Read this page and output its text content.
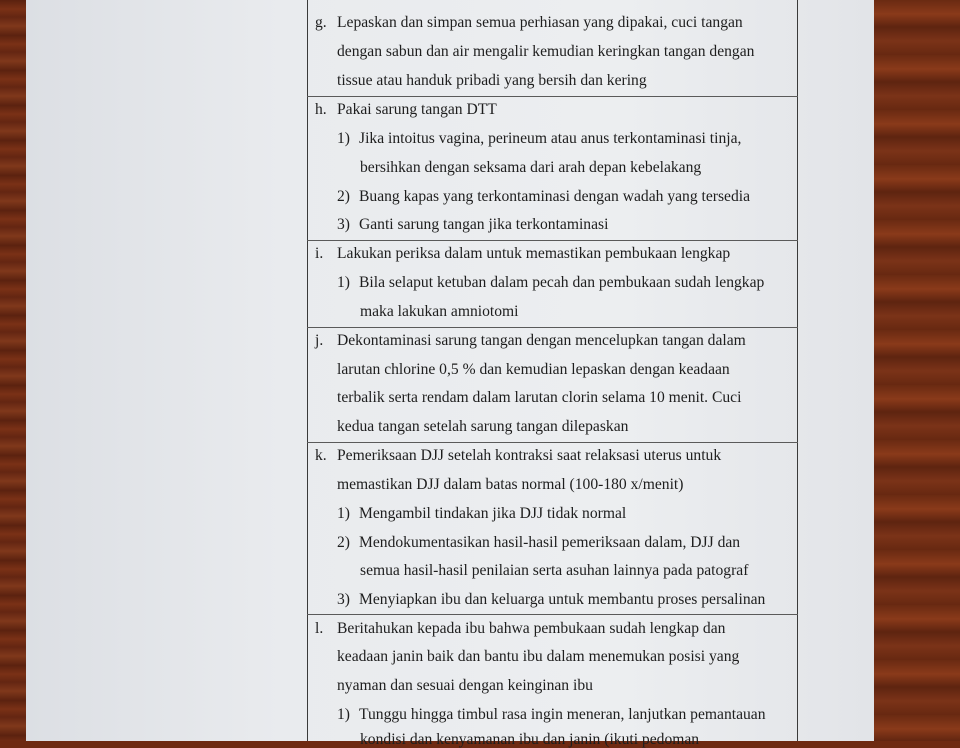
g. Lepaskan dan simpan semua perhiasan yang dipakai, cuci tangan
dengan sabun dan air mengalir kemudian keringkan tangan dengan
tissue atau handuk pribadi yang bersih dan kering
h. Pakai sarung tangan DTT
1) Jika intoitus vagina, perineum atau anus terkontaminasi tinja,
bersihkan dengan seksama dari arah depan kebelakang
2) Buang kapas yang terkontaminasi dengan wadah yang tersedia
3) Ganti sarung tangan jika terkontaminasi
i. Lakukan periksa dalam untuk memastikan pembukaan lengkap
1) Bila selaput ketuban dalam pecah dan pembukaan sudah lengkap
maka lakukan amniotomi
j. Dekontaminasi sarung tangan dengan mencelupkan tangan dalam
larutan chlorine 0,5 % dan kemudian lepaskan dengan keadaan
terbalik serta rendam dalam larutan clorin selama 10 menit. Cuci
kedua tangan setelah sarung tangan dilepaskan
k. Pemeriksaan DJJ setelah kontraksi saat relaksasi uterus untuk
memastikan DJJ dalam batas normal (100-180 x/menit)
1) Mengambil tindakan jika DJJ tidak normal
2) Mendokumentasikan hasil-hasil pemeriksaan dalam, DJJ dan
semua hasil-hasil penilaian serta asuhan lainnya pada patograf
3) Menyiapkan ibu dan keluarga untuk membantu proses persalinan
l. Beritahukan kepada ibu bahwa pembukaan sudah lengkap dan
keadaan janin baik dan bantu ibu dalam menemukan posisi yang
nyaman dan sesuai dengan keinginan ibu
1) Tunggu hingga timbul rasa ingin meneran, lanjutkan pemantauan
kondisi dan kenyamanan ibu dan janin (ikuti pedoman
